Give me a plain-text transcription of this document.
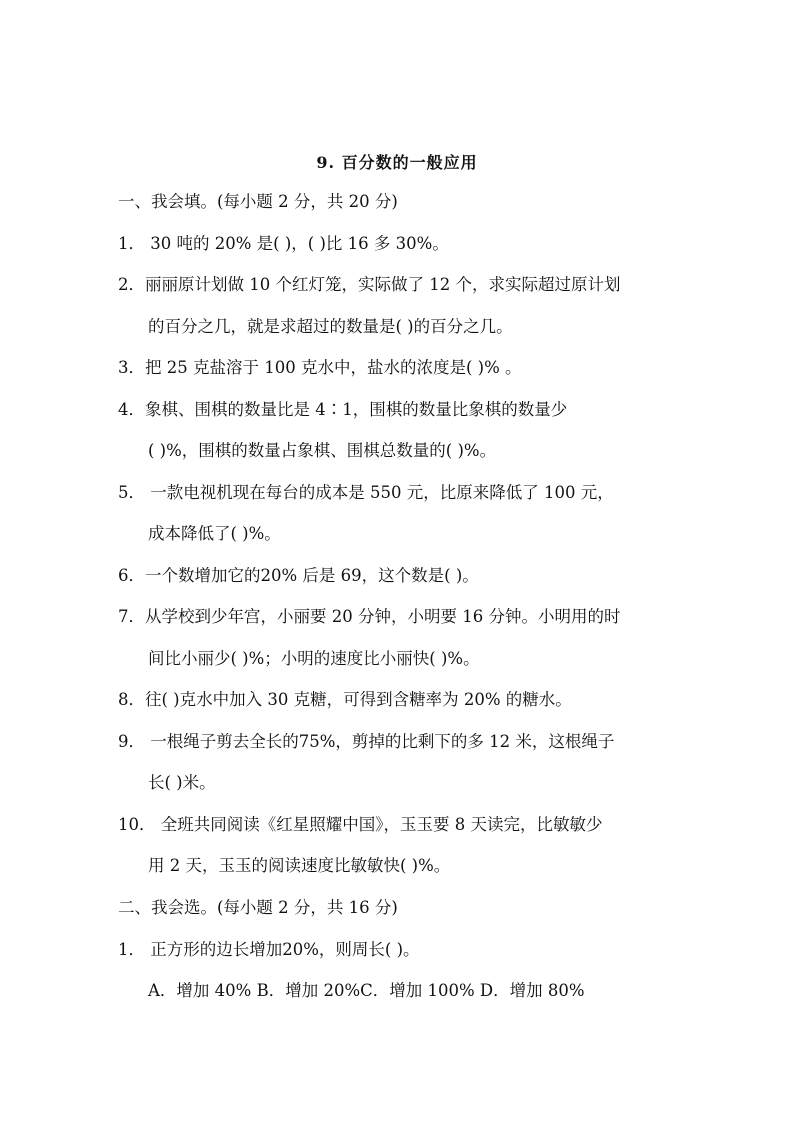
9. 百分数的一般应用
一、我会填。(每小题 2 分，共 20 分)
1． 30 吨的 20% 是( )，( )比 16 多 30%。
2．丽丽原计划做 10 个红灯笼，实际做了 12 个，求实际超过原计划
的百分之几，就是求超过的数量是( )的百分之几。
3．把 25 克盐溶于 100 克水中，盐水的浓度是( )% 。
4．象棋、围棋的数量比是 4∶1，围棋的数量比象棋的数量少
( )%，围棋的数量占象棋、围棋总数量的( )%。
5． 一款电视机现在每台的成本是 550 元，比原来降低了 100 元，
成本降低了( )%。
6．一个数增加它的20% 后是 69，这个数是( )。
7．从学校到少年宫，小丽要 20 分钟，小明要 16 分钟。小明用的时
间比小丽少( )%；小明的速度比小丽快( )%。
8．往( )克水中加入 30 克糖，可得到含糖率为 20% 的糖水。
9． 一根绳子剪去全长的75%，剪掉的比剩下的多 12 米，这根绳子
长( )米。
10． 全班共同阅读《红星照耀中国》，玉玉要 8 天读完，比敏敏少
用 2 天，玉玉的阅读速度比敏敏快( )%。
二、我会选。(每小题 2 分，共 16 分)
1． 正方形的边长增加20%，则周长( )。
A．增加 40% B．增加 20%C．增加 100% D．增加 80%
